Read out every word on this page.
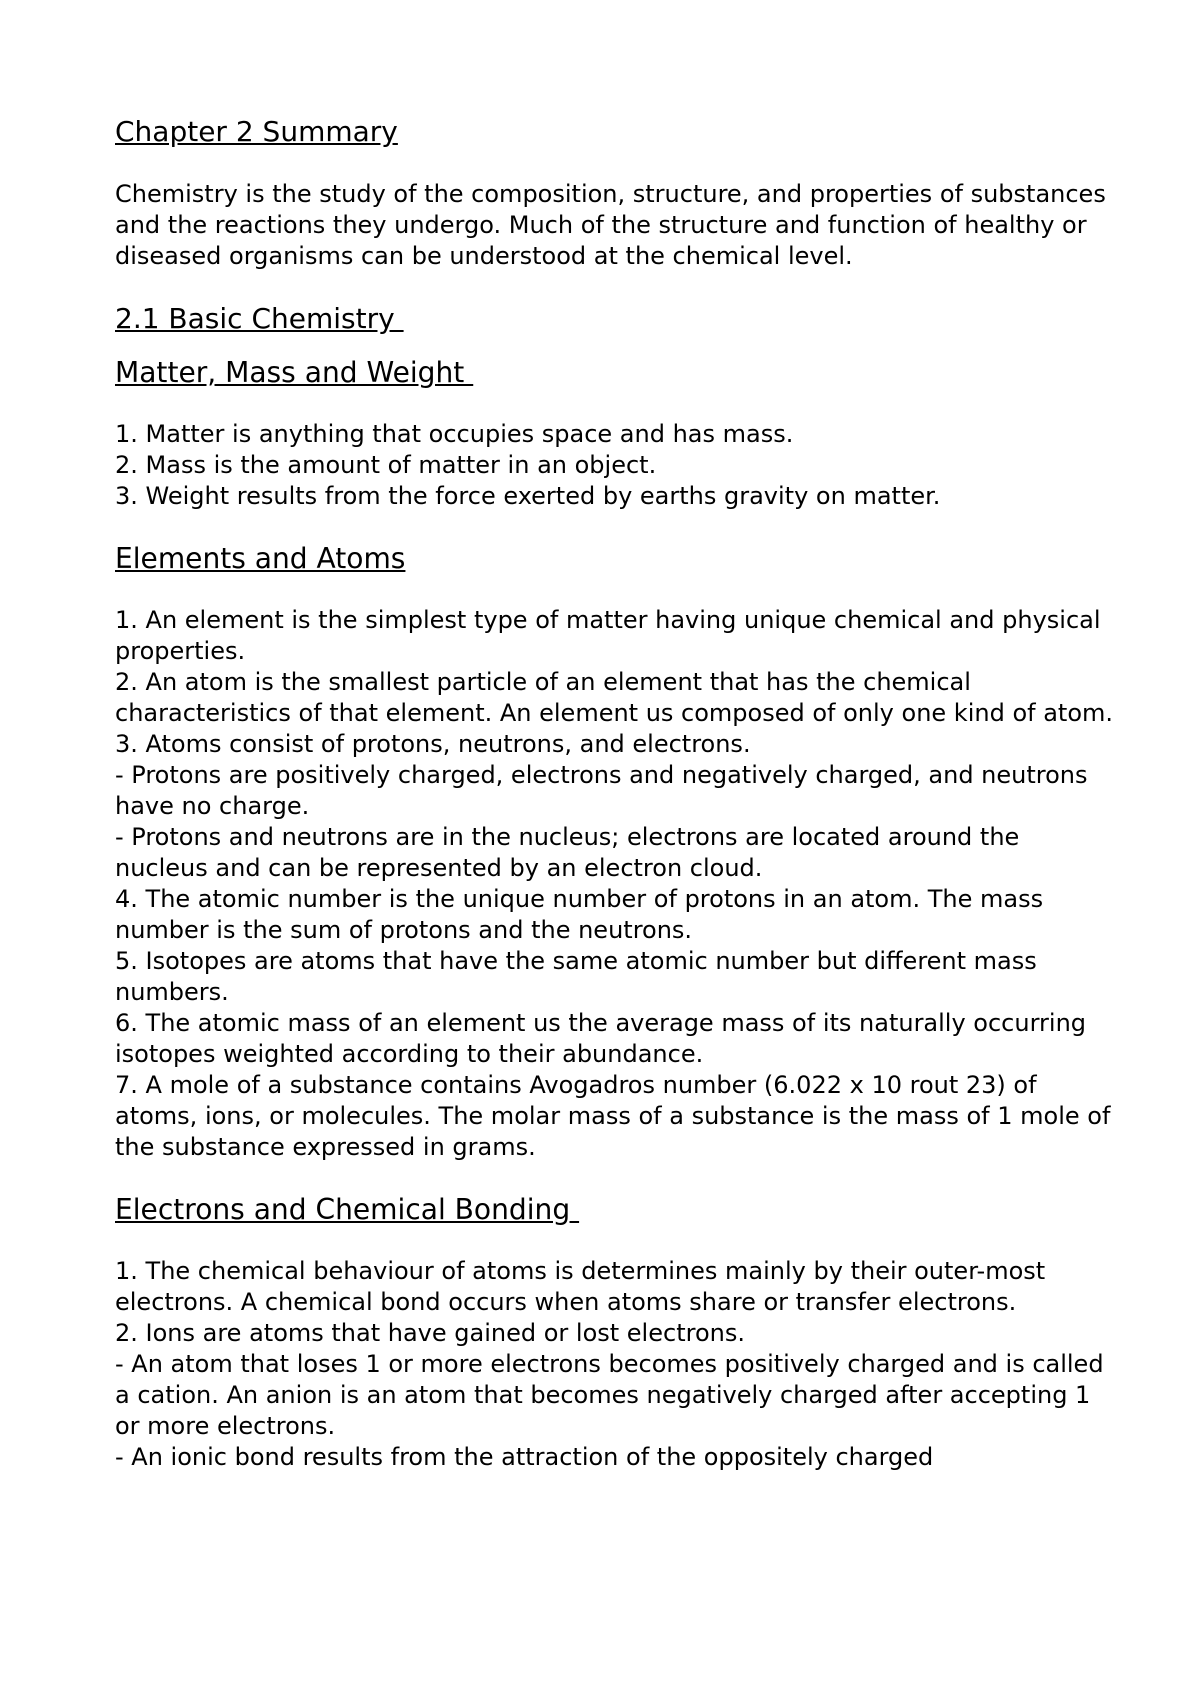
Chapter 2 Summary

Chemistry is the study of the composition, structure, and properties of substances and the reactions they undergo. Much of the structure and function of healthy or diseased organisms can be understood at the chemical level.

2.1 Basic Chemistry
Matter, Mass and Weight
1. Matter is anything that occupies space and has mass.
2. Mass is the amount of matter in an object.
3. Weight results from the force exerted by earths gravity on matter.
Elements and Atoms
1. An element is the simplest type of matter having unique chemical and physical properties.
2. An atom is the smallest particle of an element that has the chemical characteristics of that element. An element us composed of only one kind of atom.
3. Atoms consist of protons, neutrons, and electrons.
- Protons are positively charged, electrons and negatively charged, and neutrons have no charge.
- Protons and neutrons are in the nucleus; electrons are located around the nucleus and can be represented by an electron cloud.
4. The atomic number is the unique number of protons in an atom. The mass number is the sum of protons and the neutrons.
5. Isotopes are atoms that have the same atomic number but different mass numbers.
6. The atomic mass of an element us the average mass of its naturally occurring isotopes weighted according to their abundance.
7. A mole of a substance contains Avogadros number (6.022 x 10 rout 23) of atoms, ions, or molecules. The molar mass of a substance is the mass of 1 mole of the substance expressed in grams.
Electrons and Chemical Bonding
1. The chemical behaviour of atoms is determines mainly by their outer-most electrons. A chemical bond occurs when atoms share or transfer electrons.
2. Ions are atoms that have gained or lost electrons.
- An atom that loses 1 or more electrons becomes positively charged and is called a cation. An anion is an atom that becomes negatively charged after accepting 1 or more electrons.
- An ionic bond results from the attraction of the oppositely charged
